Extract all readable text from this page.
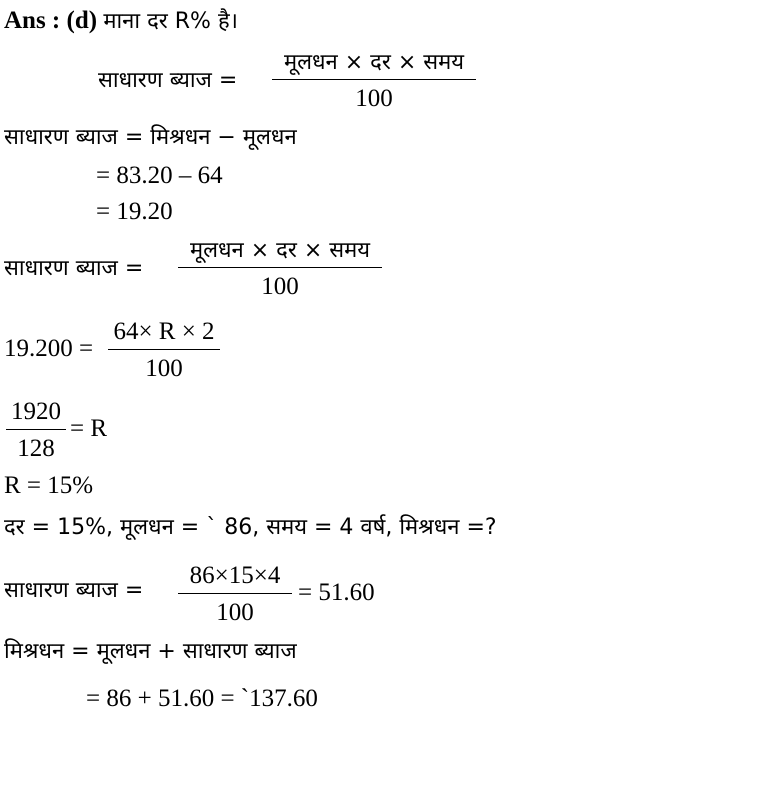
Ans : (d) माना दर R% है।
साधारण ब्याज =
मूलधन × दर × समय
100
साधारण ब्याज = मिश्रधन − मूलधन
= 83.20 – 64
= 19.20
साधारण ब्याज =
मूलधन × दर × समय
100
19.200 =
64× R × 2
100
1920
128
= R
R = 15%
दर = 15%, मूलधन = ` 86, समय = 4 वर्ष, मिश्रधन =?
साधारण ब्याज =
86×15×4
100
= 51.60
मिश्रधन = मूलधन + साधारण ब्याज
= 86 + 51.60 = `137.60
